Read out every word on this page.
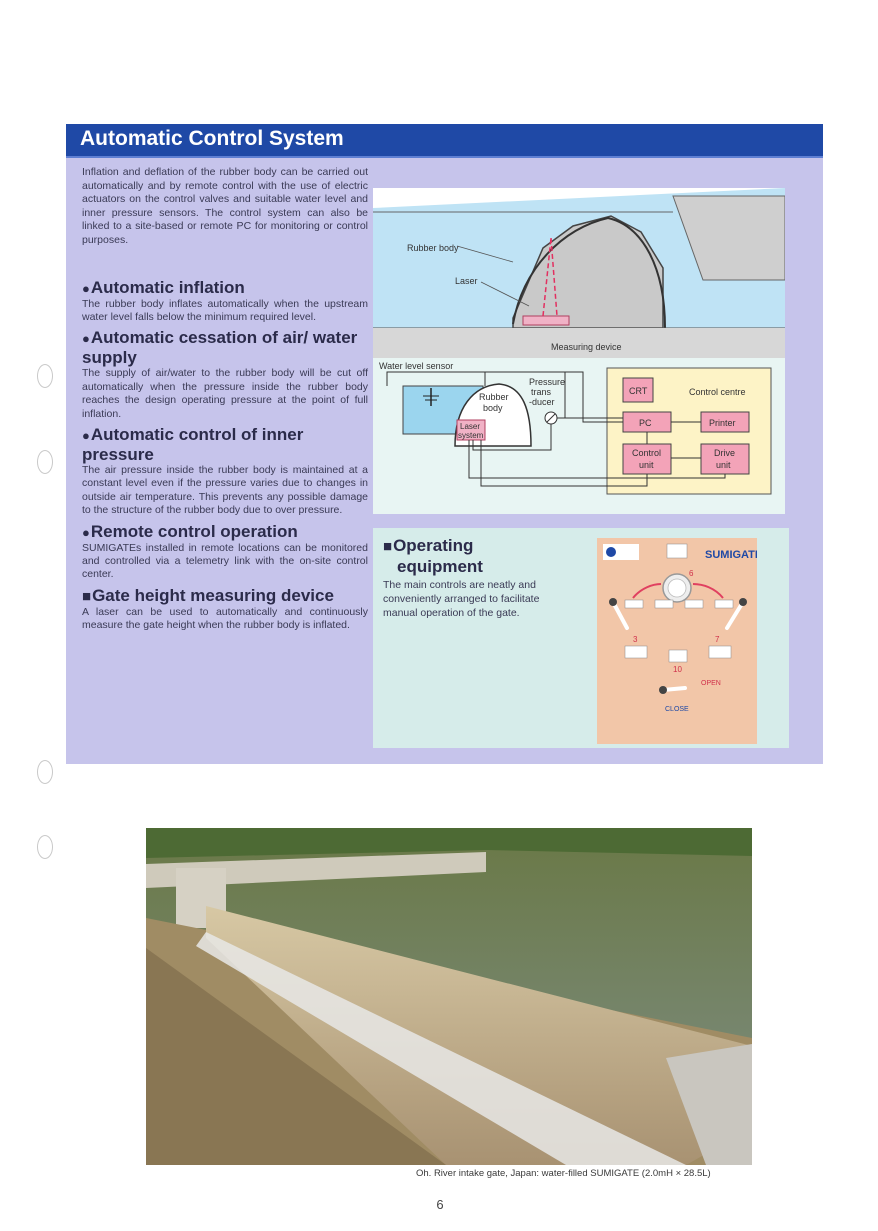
Automatic Control System

Inflation and deflation of the rubber body can be carried out automatically and by remote control with the use of electric actuators on the control valves and suitable water level and inner pressure sensors. The control system can also be linked to a site-based or remote PC for monitoring or control purposes.

● Automatic inflation

The rubber body inflates automatically when the upstream water level falls below the minimum required level.

● Automatic cessation of air/ water supply

The supply of air/water to the rubber body will be cut off automatically when the pressure inside the rubber body reaches the design operating pressure at the point of full inflation.

● Automatic control of inner pressure

The air pressure inside the rubber body is maintained at a constant level even if the pressure varies due to changes in outside air temperature. This prevents any possible damage to the structure of the rubber body due to over pressure.

● Remote control operation

SUMIGATEs installed in remote locations can be monitored and controlled via a telemetry link with the on-site control center.

■ Gate height measuring device

A laser can be used to automatically and continuously measure the gate height when the rubber body is inflated.

Rubber body
Laser
Measuring device
Water level sensor
Rubber
body
Laser
system
Pressure
trans
-ducer
Control centre
CRT
PC	Printer
Control
unit
Drive
unit
■ Operating
equipment
The main controls are neatly and conveniently arranged to facilitate manual operation of the gate.
SUMIGATE
6
3	7
10
OPEN
CLOSE
Oh. River intake gate, Japan: water-filled SUMIGATE (2.0mH × 28.5L)
6
